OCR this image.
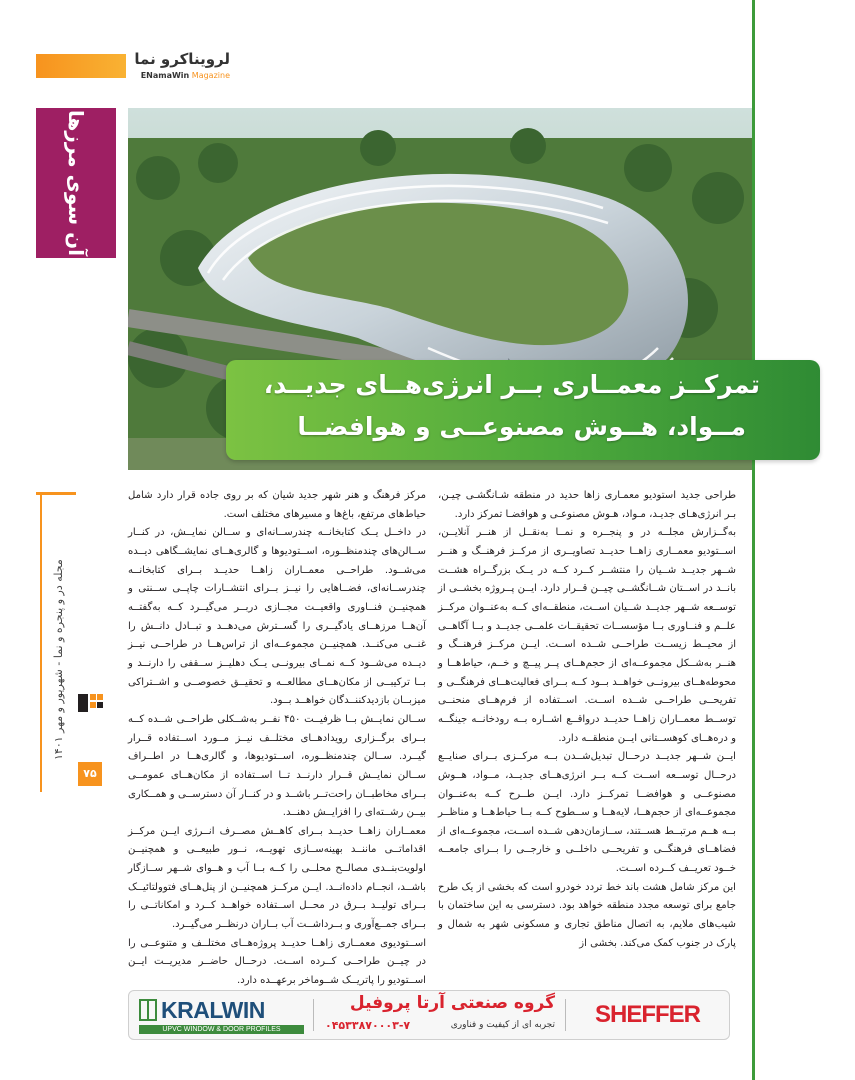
لرویناکرو نما
ENamaWin Magazine
آن سوی مرزها
تمرکــز معمــاری بــر انرژی‌هــای جدیــد،
مــواد، هــوش مصنوعــی و هوافضــا
مجله در و پنجره و نما - شهریور و مهر ۱۴۰۱
۷۵

طراحی جدید استودیو معمـاری زاها حدید در منطقه شـانگشـی چیـن، بـر انرژی‌هـای جدیـد، مـواد، هـوش مصنوعـی و هوافضـا تمرکز دارد.

به‌گــزارش مجلــه در و پنجــره و نمــا به‌نقــل از هنــر آنلایــن، اســتودیو معمــاری زاهــا حدیــد تصاویــری از مرکــز فرهنــگ و هنــر شــهر جدیــد شــیان را منتشــر کــرد کــه در یــک بزرگــراه هشــت بانــد در اســتان شــانگشــی چیــن قــرار دارد. ایــن پــروژه بخشــی از توســعه شــهر جدیــد شــیان اســت، منطقــه‌ای کــه به‌عنــوان مرکــز علــم و فنــاوری بــا مؤسســات تحقیقــات علمــی جدیــد و بــا آگاهــی از محیــط زیســت طراحــی شــده اســت. ایــن مرکــز فرهنــگ و هنــر به‌شــکل مجموعــه‌ای از حجم‌هــای پــر پیــچ و خــم، حیاط‌هــا و محوطه‌هــای بیرونــی خواهــد بــود کــه بــرای فعالیت‌هــای فرهنگــی و تفریحــی طراحــی شــده اســت. اســتفاده از فرم‌هــای منحنــی توســط معمــاران زاهــا حدیــد درواقــع اشــاره بــه رودخانــه جینگــه و دره‌هــای کوهســتانی ایــن منطقــه دارد.

ایــن شــهر جدیــد درحــال تبدیل‌شــدن بــه مرکــزی بــرای صنایــع درحــال توســعه اســت کــه بــر انرژی‌هــای جدیــد، مــواد، هــوش مصنوعــی و هوافضــا تمرکــز دارد. ایــن طــرح کــه به‌عنــوان مجموعــه‌ای از حجم‌هــا، لایه‌هــا و ســطوح کــه بــا حیاط‌هــا و مناظــر بــه هــم مرتبــط هســتند، ســازمان‌دهی شــده اســت، مجموعــه‌ای از فضاهــای فرهنگــی و تفریحــی داخلــی و خارجــی را بــرای جامعــه خــود تعریــف کــرده اســت.

این مرکز شامل هشت باند خط تردد خودرو است که بخشی از یک طرح جامع برای توسعه مجدد منطقه خواهد بود. دسترسی به این ساختمان با شیب‌های ملایم، به اتصال مناطق تجاری و مسکونی شهر به شمال و پارک در جنوب کمک می‌کند. بخشی از

مرکز فرهنگ و هنر شهر جدید شیان که بر روی جاده قرار دارد شامل حیاط‌های مرتفع، باغ‌ها و مسیرهای مختلف است.

در داخــل یــک کتابخانــه چندرســانه‌ای و ســالن نمایــش، در کنــار ســالن‌های چندمنظــوره، اســتودیوها و گالری‌هــای نمایشــگاهی دیــده می‌شــود. طراحــی معمــاران زاهــا حدیــد بــرای کتابخانــه چندرســانه‌ای، فضــاهایی را نیــز بــرای انتشــارات چاپــی ســنتی و همچنیــن فنــاوری واقعیــت مجــازی دربــر می‌گیــرد کــه به‌گفتــه آن‌هــا مرزهــای یادگیــری را گســترش می‌دهــد و تبــادل دانــش را غنــی می‌کنــد. همچنیــن مجموعــه‌ای از تراس‌هــا در طراحــی نیــز دیــده می‌شــود کــه نمــای بیرونــی یــک دهلیــز ســقفی را دارنــد و بــا ترکیبــی از مکان‌هــای مطالعــه و تحقیــق خصوصــی و اشــتراکی میزبــان بازدیدکننــدگان خواهــد بــود.

ســالن نمایــش بــا ظرفیــت ۴۵۰ نفــر به‌شــکلی طراحــی شــده کــه بــرای برگــزاری رویدادهــای مختلــف نیــز مــورد اســتفاده قــرار گیــرد. ســالن چندمنظــوره، اســتودیوها، و گالری‌هــا در اطــراف ســالن نمایــش قــرار دارنــد تــا اســتفاده از مکان‌هــای عمومــی بــرای مخاطبــان راحت‌تــر باشــد و در کنــار آن دسترســی و همــکاری بیــن رشــته‌ای را افزایــش دهنــد.

معمــاران زاهــا حدیــد بــرای کاهــش مصــرف انــرژی ایــن مرکــز اقداماتــی ماننــد بهینه‌ســازی تهویــه، نــور طبیعــی و همچنیــن اولویت‌بنــدی مصالــح محلــی را کــه بــا آب و هــوای شــهر ســازگار باشــد، انجــام داده‌انــد. ایــن مرکــز همچنیــن از پنل‌هــای فتوولتائیــک بــرای تولیــد بــرق در محــل اســتفاده خواهــد کــرد و امکاناتــی را بــرای جمــع‌آوری و بــرداشــت آب بــاران درنظــر می‌گیــرد.

اســتودیوی معمــاری زاهــا حدیــد پروژه‌هــای مختلــف و متنوعــی را در چیــن طراحــی کــرده اســت. درحــال حاضــر مدیریــت ایــن اســتودیو را پاتریــک شــوماخر برعهــده دارد.

KRALWIN
UPVC WINDOW & DOOR PROFILES
گروه صنعتی آرتا پروفیل
تجربه ای از کیفیت و فناوری
۰۴۵۳۳۸۷۰۰۰۳-۷	SHEFFER
